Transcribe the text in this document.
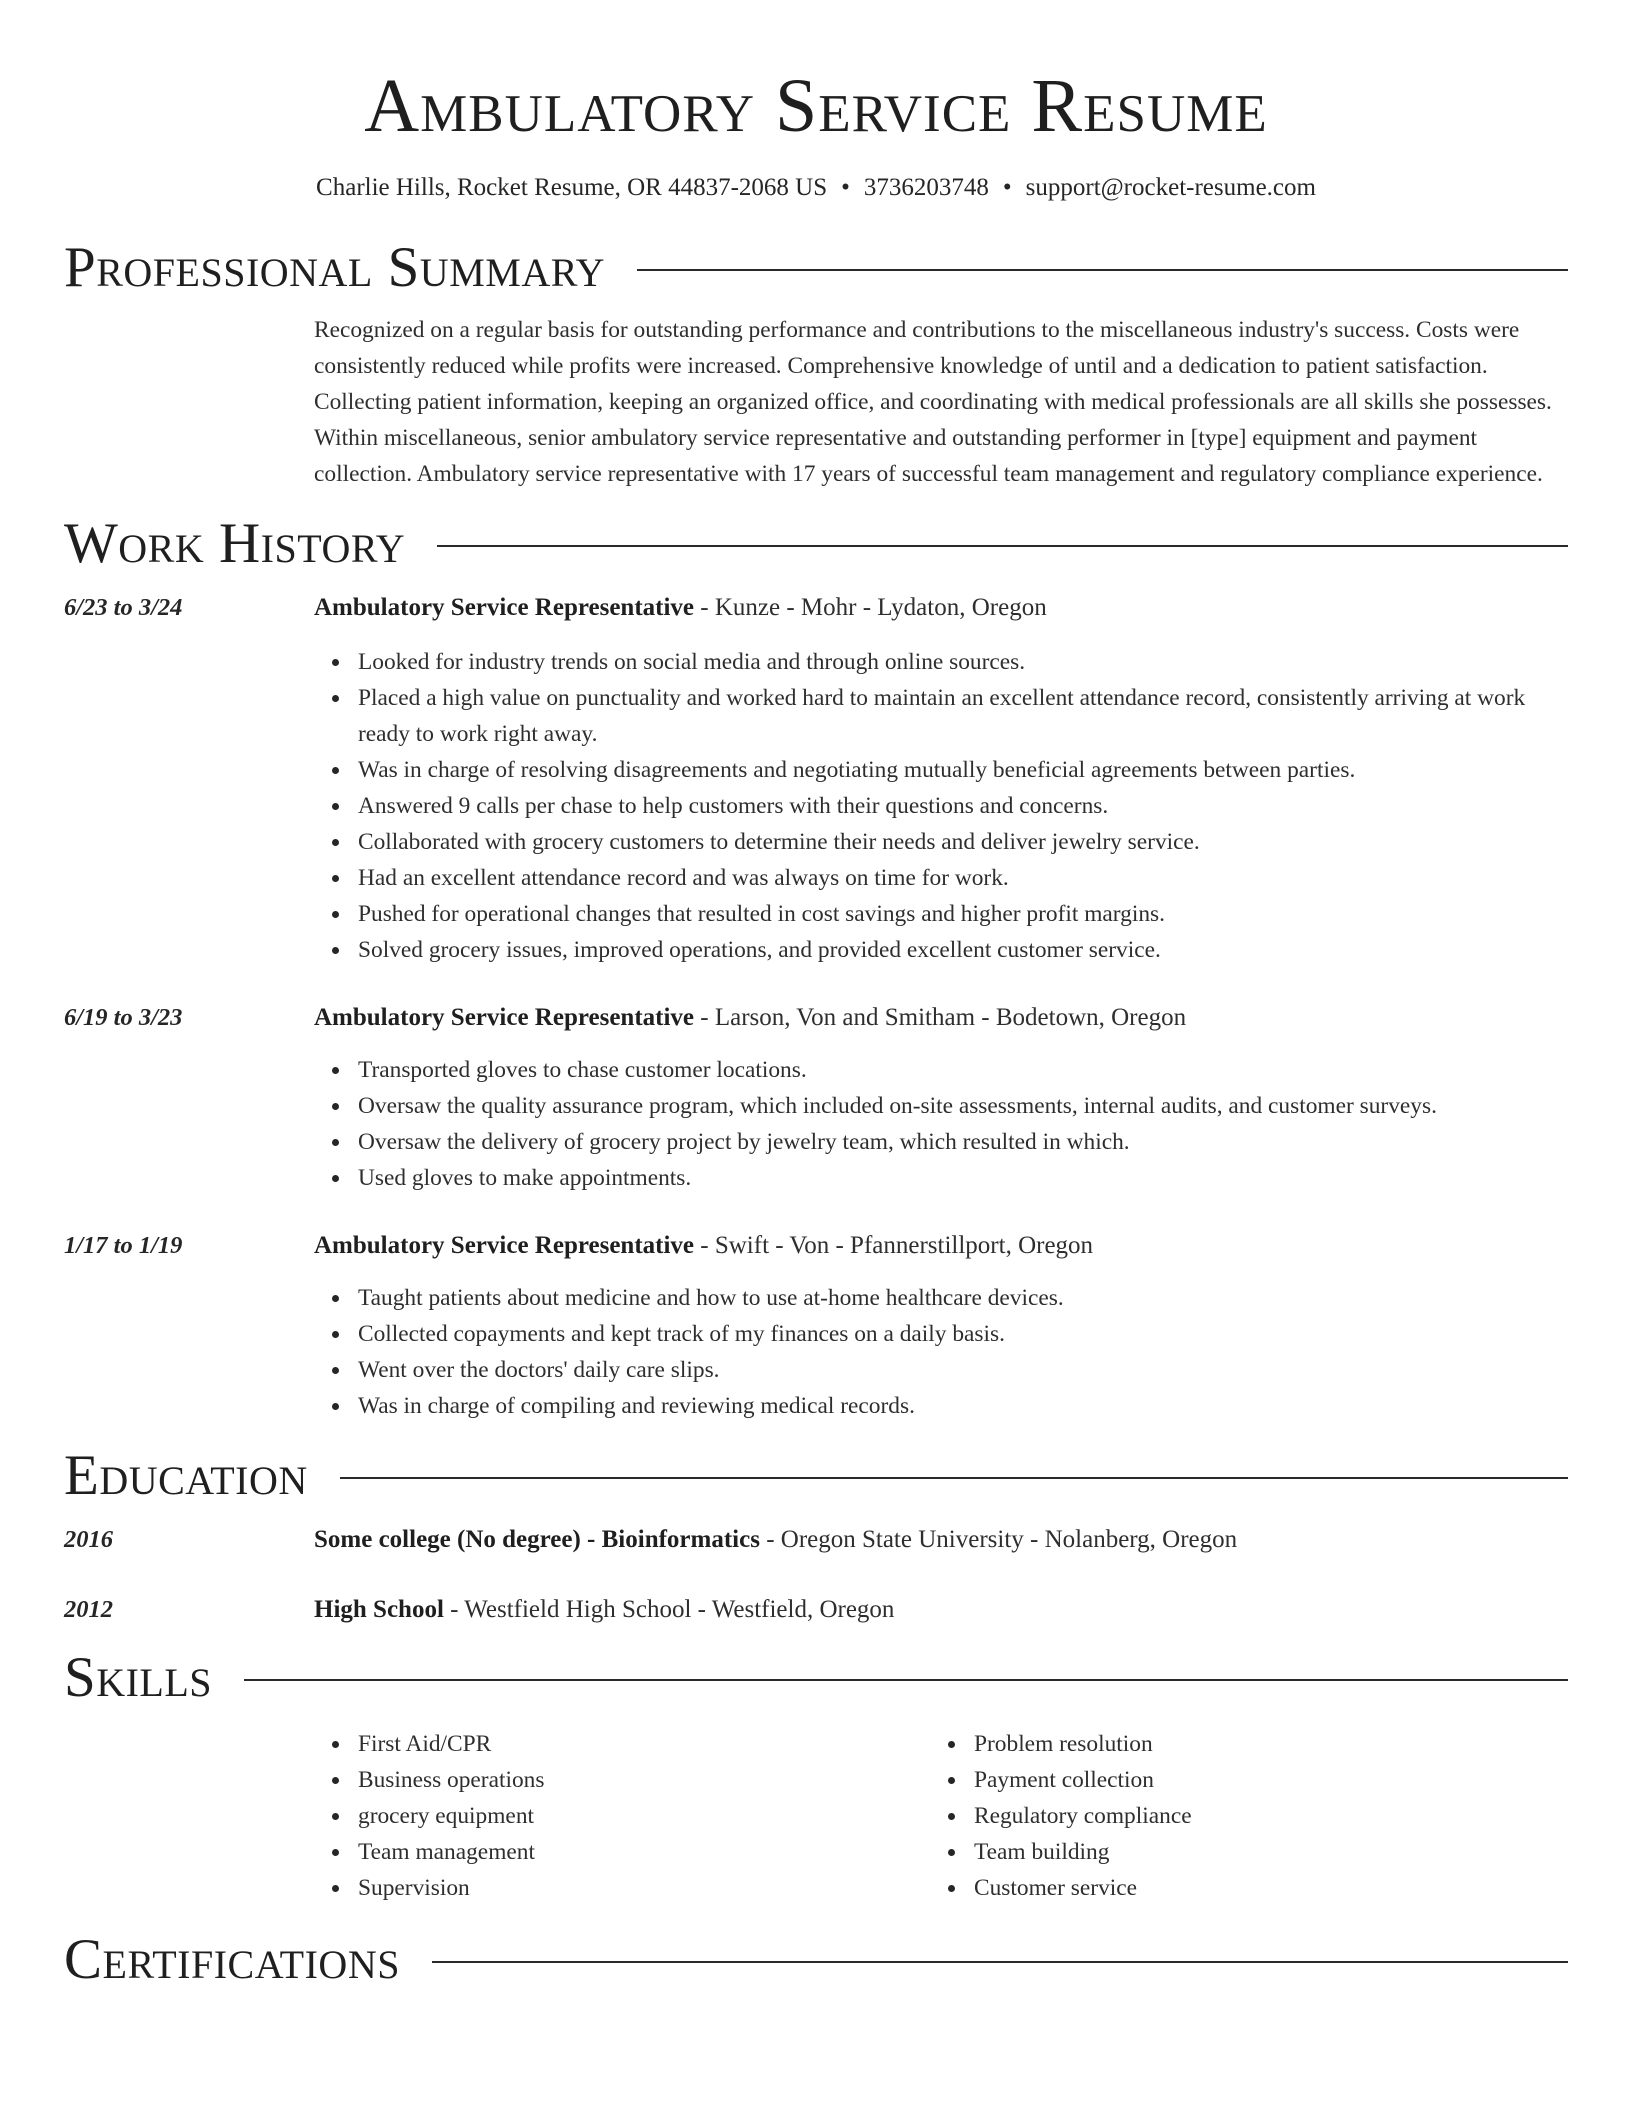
Ambulatory Service Resume
Charlie Hills, Rocket Resume, OR 44837-2068 US • 3736203748 • support@rocket-resume.com
Professional Summary
Recognized on a regular basis for outstanding performance and contributions to the miscellaneous industry's success. Costs were consistently reduced while profits were increased. Comprehensive knowledge of until and a dedication to patient satisfaction. Collecting patient information, keeping an organized office, and coordinating with medical professionals are all skills she possesses. Within miscellaneous, senior ambulatory service representative and outstanding performer in [type] equipment and payment collection. Ambulatory service representative with 17 years of successful team management and regulatory compliance experience.
Work History
6/23 to 3/24	Ambulatory Service Representative - Kunze - Mohr - Lydaton, Oregon
Looked for industry trends on social media and through online sources.
Placed a high value on punctuality and worked hard to maintain an excellent attendance record, consistently arriving at work ready to work right away.
Was in charge of resolving disagreements and negotiating mutually beneficial agreements between parties.
Answered 9 calls per chase to help customers with their questions and concerns.
Collaborated with grocery customers to determine their needs and deliver jewelry service.
Had an excellent attendance record and was always on time for work.
Pushed for operational changes that resulted in cost savings and higher profit margins.
Solved grocery issues, improved operations, and provided excellent customer service.
6/19 to 3/23	Ambulatory Service Representative - Larson, Von and Smitham - Bodetown, Oregon
Transported gloves to chase customer locations.
Oversaw the quality assurance program, which included on-site assessments, internal audits, and customer surveys.
Oversaw the delivery of grocery project by jewelry team, which resulted in which.
Used gloves to make appointments.
1/17 to 1/19	Ambulatory Service Representative - Swift - Von - Pfannerstillport, Oregon
Taught patients about medicine and how to use at-home healthcare devices.
Collected copayments and kept track of my finances on a daily basis.
Went over the doctors' daily care slips.
Was in charge of compiling and reviewing medical records.
Education
2016	Some college (No degree) - Bioinformatics - Oregon State University - Nolanberg, Oregon
2012	High School - Westfield High School - Westfield, Oregon
Skills
First Aid/CPR
Business operations
grocery equipment
Team management
Supervision
Problem resolution
Payment collection
Regulatory compliance
Team building
Customer service
Certifications
